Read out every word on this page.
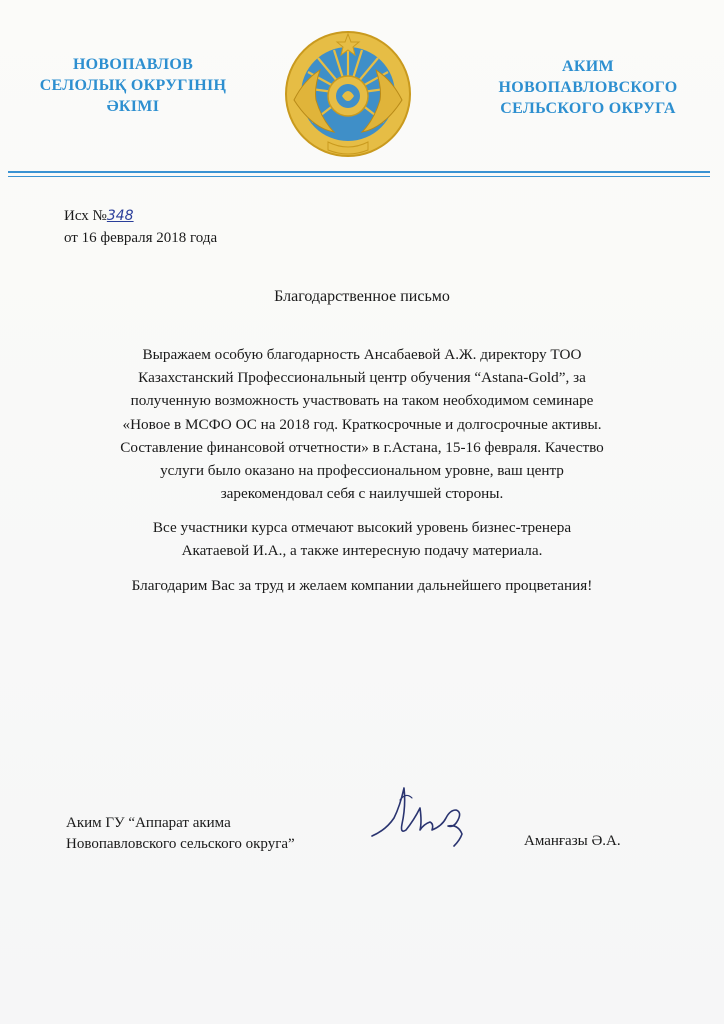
НОВОПАВЛОВ
СЕЛОЛЫҚ ОКРУГІНІҢ
ӘКІМІ
АКИМ
НОВОПАВЛОВСКОГО
СЕЛЬСКОГО ОКРУГА
Исх №348
от 16 февраля 2018 года
Благодарственное письмо
Выражаем особую благодарность Ансабаевой А.Ж. директору ТОО
Казахстанский Профессиональный центр обучения “Astana-Gold”, за
полученную возможность участвовать на таком необходимом семинаре
«Новое в МСФО ОС на 2018 год. Краткосрочные и долгосрочные активы.
Составление финансовой отчетности» в г.Астана, 15-16 февраля. Качество
услуги было оказано на профессиональном уровне, ваш центр
зарекомендовал себя с наилучшей стороны.
Все участники курса отмечают высокий уровень бизнес-тренера
Акатаевой И.А., а также интересную подачу материала.
Благодарим Вас за труд и желаем компании дальнейшего процветания!
Аким ГУ “Аппарат акима
Новопавловского сельского округа”	Аманғазы Ә.А.
